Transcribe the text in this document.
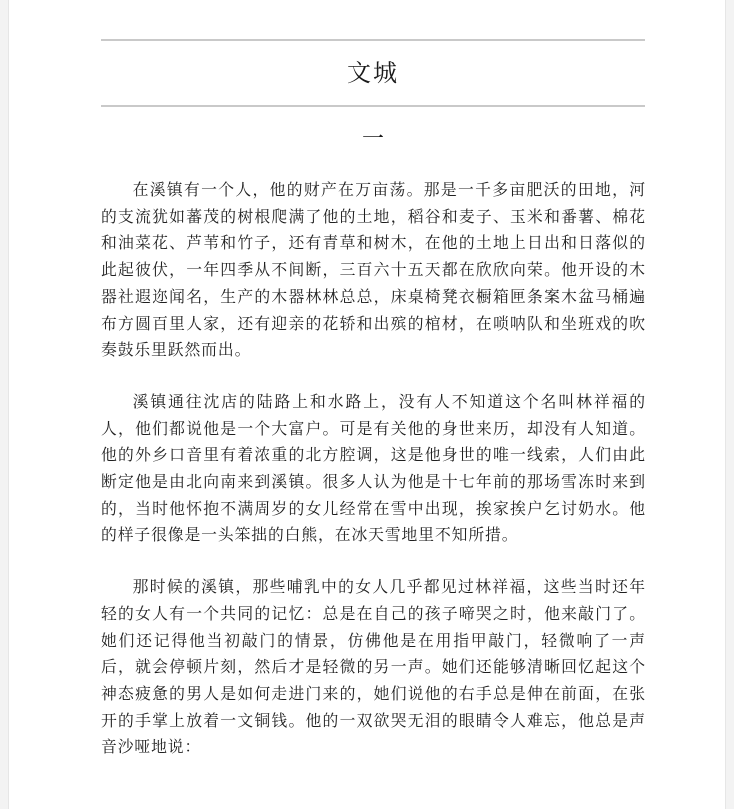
文城
一

在溪镇有一个人，他的财产在万亩荡。那是一千多亩肥沃的田地，河的支流犹如蕃茂的树根爬满了他的土地，稻谷和麦子、玉米和番薯、棉花和油菜花、芦苇和竹子，还有青草和树木，在他的土地上日出和日落似的此起彼伏，一年四季从不间断，三百六十五天都在欣欣向荣。他开设的木器社遐迩闻名，生产的木器林林总总，床桌椅凳衣橱箱匣条案木盆马桶遍布方圆百里人家，还有迎亲的花轿和出殡的棺材，在唢呐队和坐班戏的吹奏鼓乐里跃然而出。

溪镇通往沈店的陆路上和水路上，没有人不知道这个名叫林祥福的人，他们都说他是一个大富户。可是有关他的身世来历，却没有人知道。他的外乡口音里有着浓重的北方腔调，这是他身世的唯一线索，人们由此断定他是由北向南来到溪镇。很多人认为他是十七年前的那场雪冻时来到的，当时他怀抱不满周岁的女儿经常在雪中出现，挨家挨户乞讨奶水。他的样子很像是一头笨拙的白熊，在冰天雪地里不知所措。

那时候的溪镇，那些哺乳中的女人几乎都见过林祥福，这些当时还年轻的女人有一个共同的记忆：总是在自己的孩子啼哭之时，他来敲门了。她们还记得他当初敲门的情景，仿佛他是在用指甲敲门，轻微响了一声后，就会停顿片刻，然后才是轻微的另一声。她们还能够清晰回忆起这个神态疲惫的男人是如何走进门来的，她们说他的右手总是伸在前面，在张开的手掌上放着一文铜钱。他的一双欲哭无泪的眼睛令人难忘，他总是声音沙哑地说：
